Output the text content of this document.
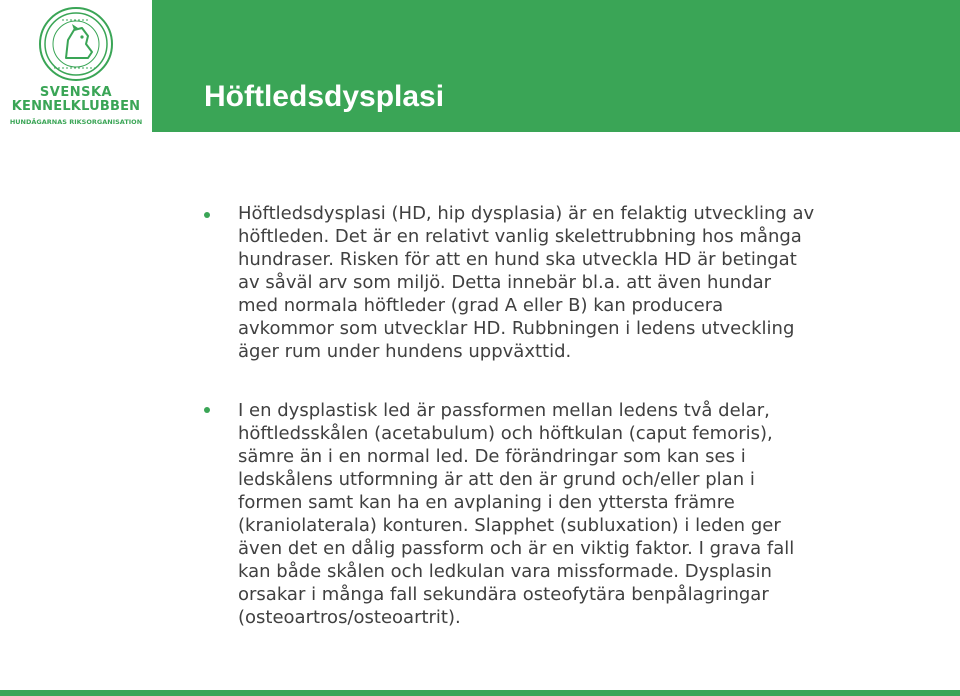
SVENSKA
KENNELKLUBBEN
HUNDÄGARNAS RIKSORGANISATION
Höftledsdysplasi
Höftledsdysplasi (HD, hip dysplasia) är en felaktig utveckling av
höftleden. Det är en relativt vanlig skelettrubbning hos många
hundraser. Risken för att en hund ska utveckla HD är betingat
av såväl arv som miljö. Detta innebär bl.a. att även hundar
med normala höftleder (grad A eller B) kan producera
avkommor som utvecklar HD. Rubbningen i ledens utveckling
äger rum under hundens uppväxttid.
I en dysplastisk led är passformen mellan ledens två delar,
höftledsskålen (acetabulum) och höftkulan (caput femoris),
sämre än i en normal led. De förändringar som kan ses i
ledskålens utformning är att den är grund och/eller plan i
formen samt kan ha en avplaning i den yttersta främre
(kraniolaterala) konturen. Slapphet (subluxation) i leden ger
även det en dålig passform och är en viktig faktor. I grava fall
kan både skålen och ledkulan vara missformade. Dysplasin
orsakar i många fall sekundära osteofytära benpålagringar
(osteoartros/osteoartrit).
